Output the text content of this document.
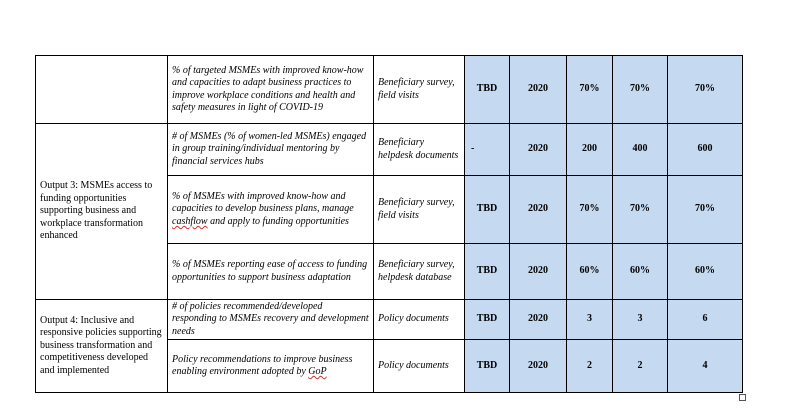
	% of targeted MSMEs with improved know-how and capacities to adapt business practices to improve workplace conditions and health and safety measures in light of COVID-19	Beneficiary survey, field visits	TBD	2020	70%	70%	70%
Output 3: MSMEs access to funding opportunities supporting business and workplace transformation enhanced	# of MSMEs (% of women-led MSMEs) engaged in group training/individual mentoring by financial services hubs	Beneficiary helpdesk documents	-	2020	200	400	600
	% of MSMEs with improved know-how and capacities to develop business plans, manage cashflow and apply to funding opportunities	Beneficiary survey, field visits	TBD	2020	70%	70%	70%
	% of MSMEs reporting ease of access to funding opportunities to support business adaptation	Beneficiary survey, helpdesk database	TBD	2020	60%	60%	60%
Output 4: Inclusive and responsive policies supporting business transformation and competitiveness developed and implemented	# of policies recommended/developed responding to MSMEs recovery and development needs	Policy documents	TBD	2020	3	3	6
	Policy recommendations to improve business enabling environment adopted by GoP	Policy documents	TBD	2020	2	2	4
